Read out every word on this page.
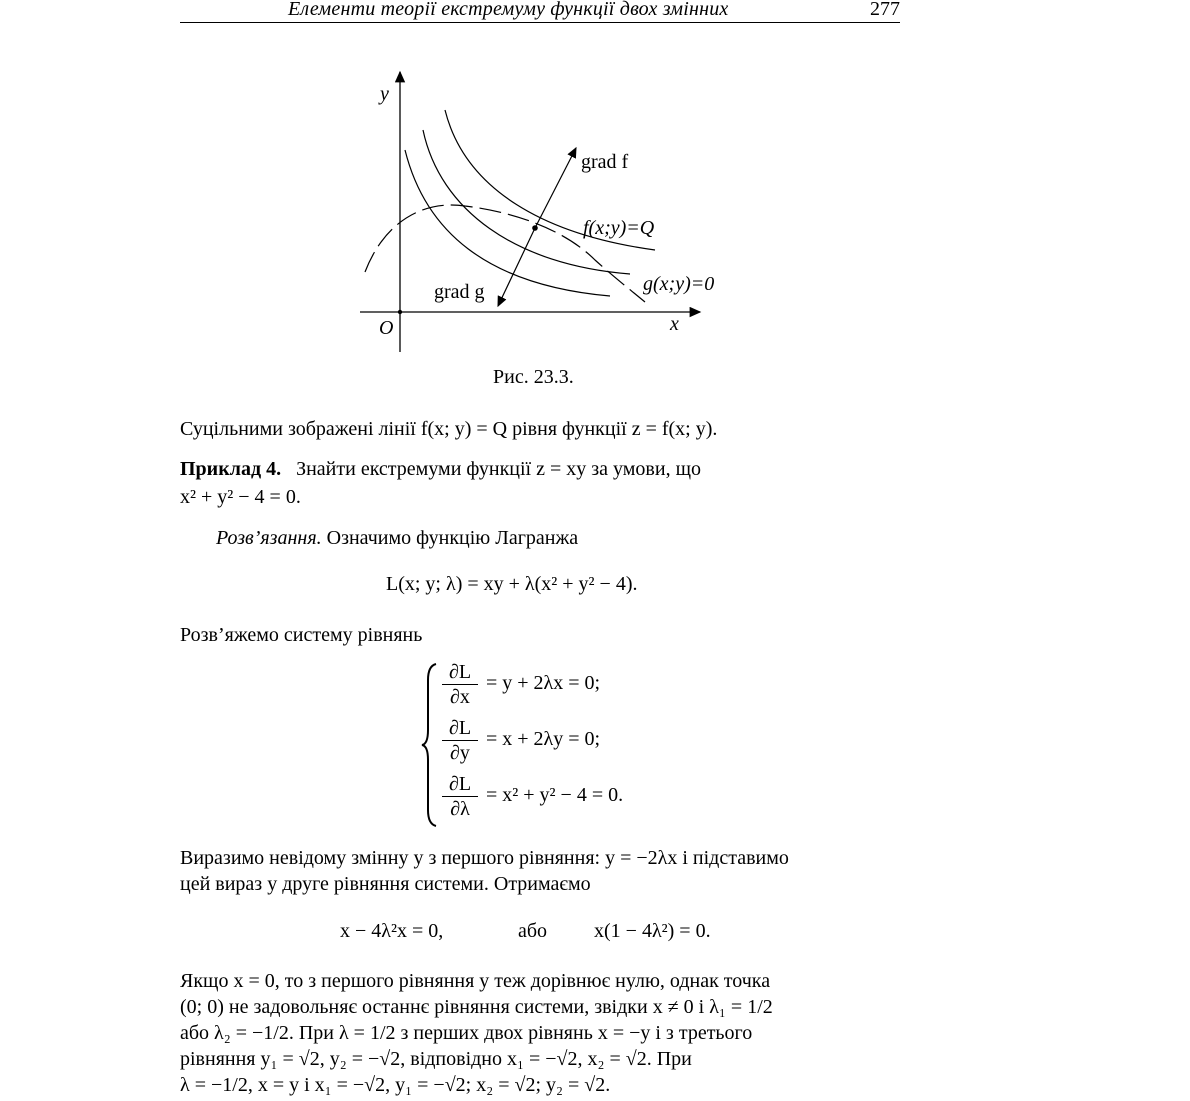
Елементи теорії екстремуму функції двох змінних	277
y
x
O
grad f
grad g
f(x;y)=Q
g(x;y)=0
Рис. 23.3.
Суцільними зображені лінії f(x; y) = Q рівня функції z = f(x; y).
Приклад 4. Знайти екстремуми функції z = xy за умови, що
x² + y² − 4 = 0.
Розв’язання. Означимо функцію Лагранжа
L(x; y; λ) = xy + λ(x² + y² − 4).
Розв’яжемо систему рівнянь
$\frac{\partial L}{\partial x} = y + 2\lambda x = 0$;
$\frac{\partial L}{\partial y} = x + 2\lambda y = 0$;
$\frac{\partial L}{\partial\lambda} = x^2 + y^2 - 4 = 0$.
Виразимо невідому змінну y з першого рівняння: y = −2λx і підставимо
цей вираз у друге рівняння системи. Отримаємо
x − 4λ²x = 0,	або x(1 − 4λ²) = 0.
Якщо x = 0, то з першого рівняння y теж дорівнює нулю, однак точка
(0; 0) не задовольняє останнє рівняння системи, звідки x ≠ 0 і λ₁ = 1/2
або λ₂ = −1/2. При λ = 1/2 з перших двох рівнянь x = −y і з третього
рівняння y₁ = √2, y₂ = −√2, відповідно x₁ = −√2, x₂ = √2. При
λ = −1/2, x = y і x₁ = −√2, y₁ = −√2; x₂ = √2; y₂ = √2.
